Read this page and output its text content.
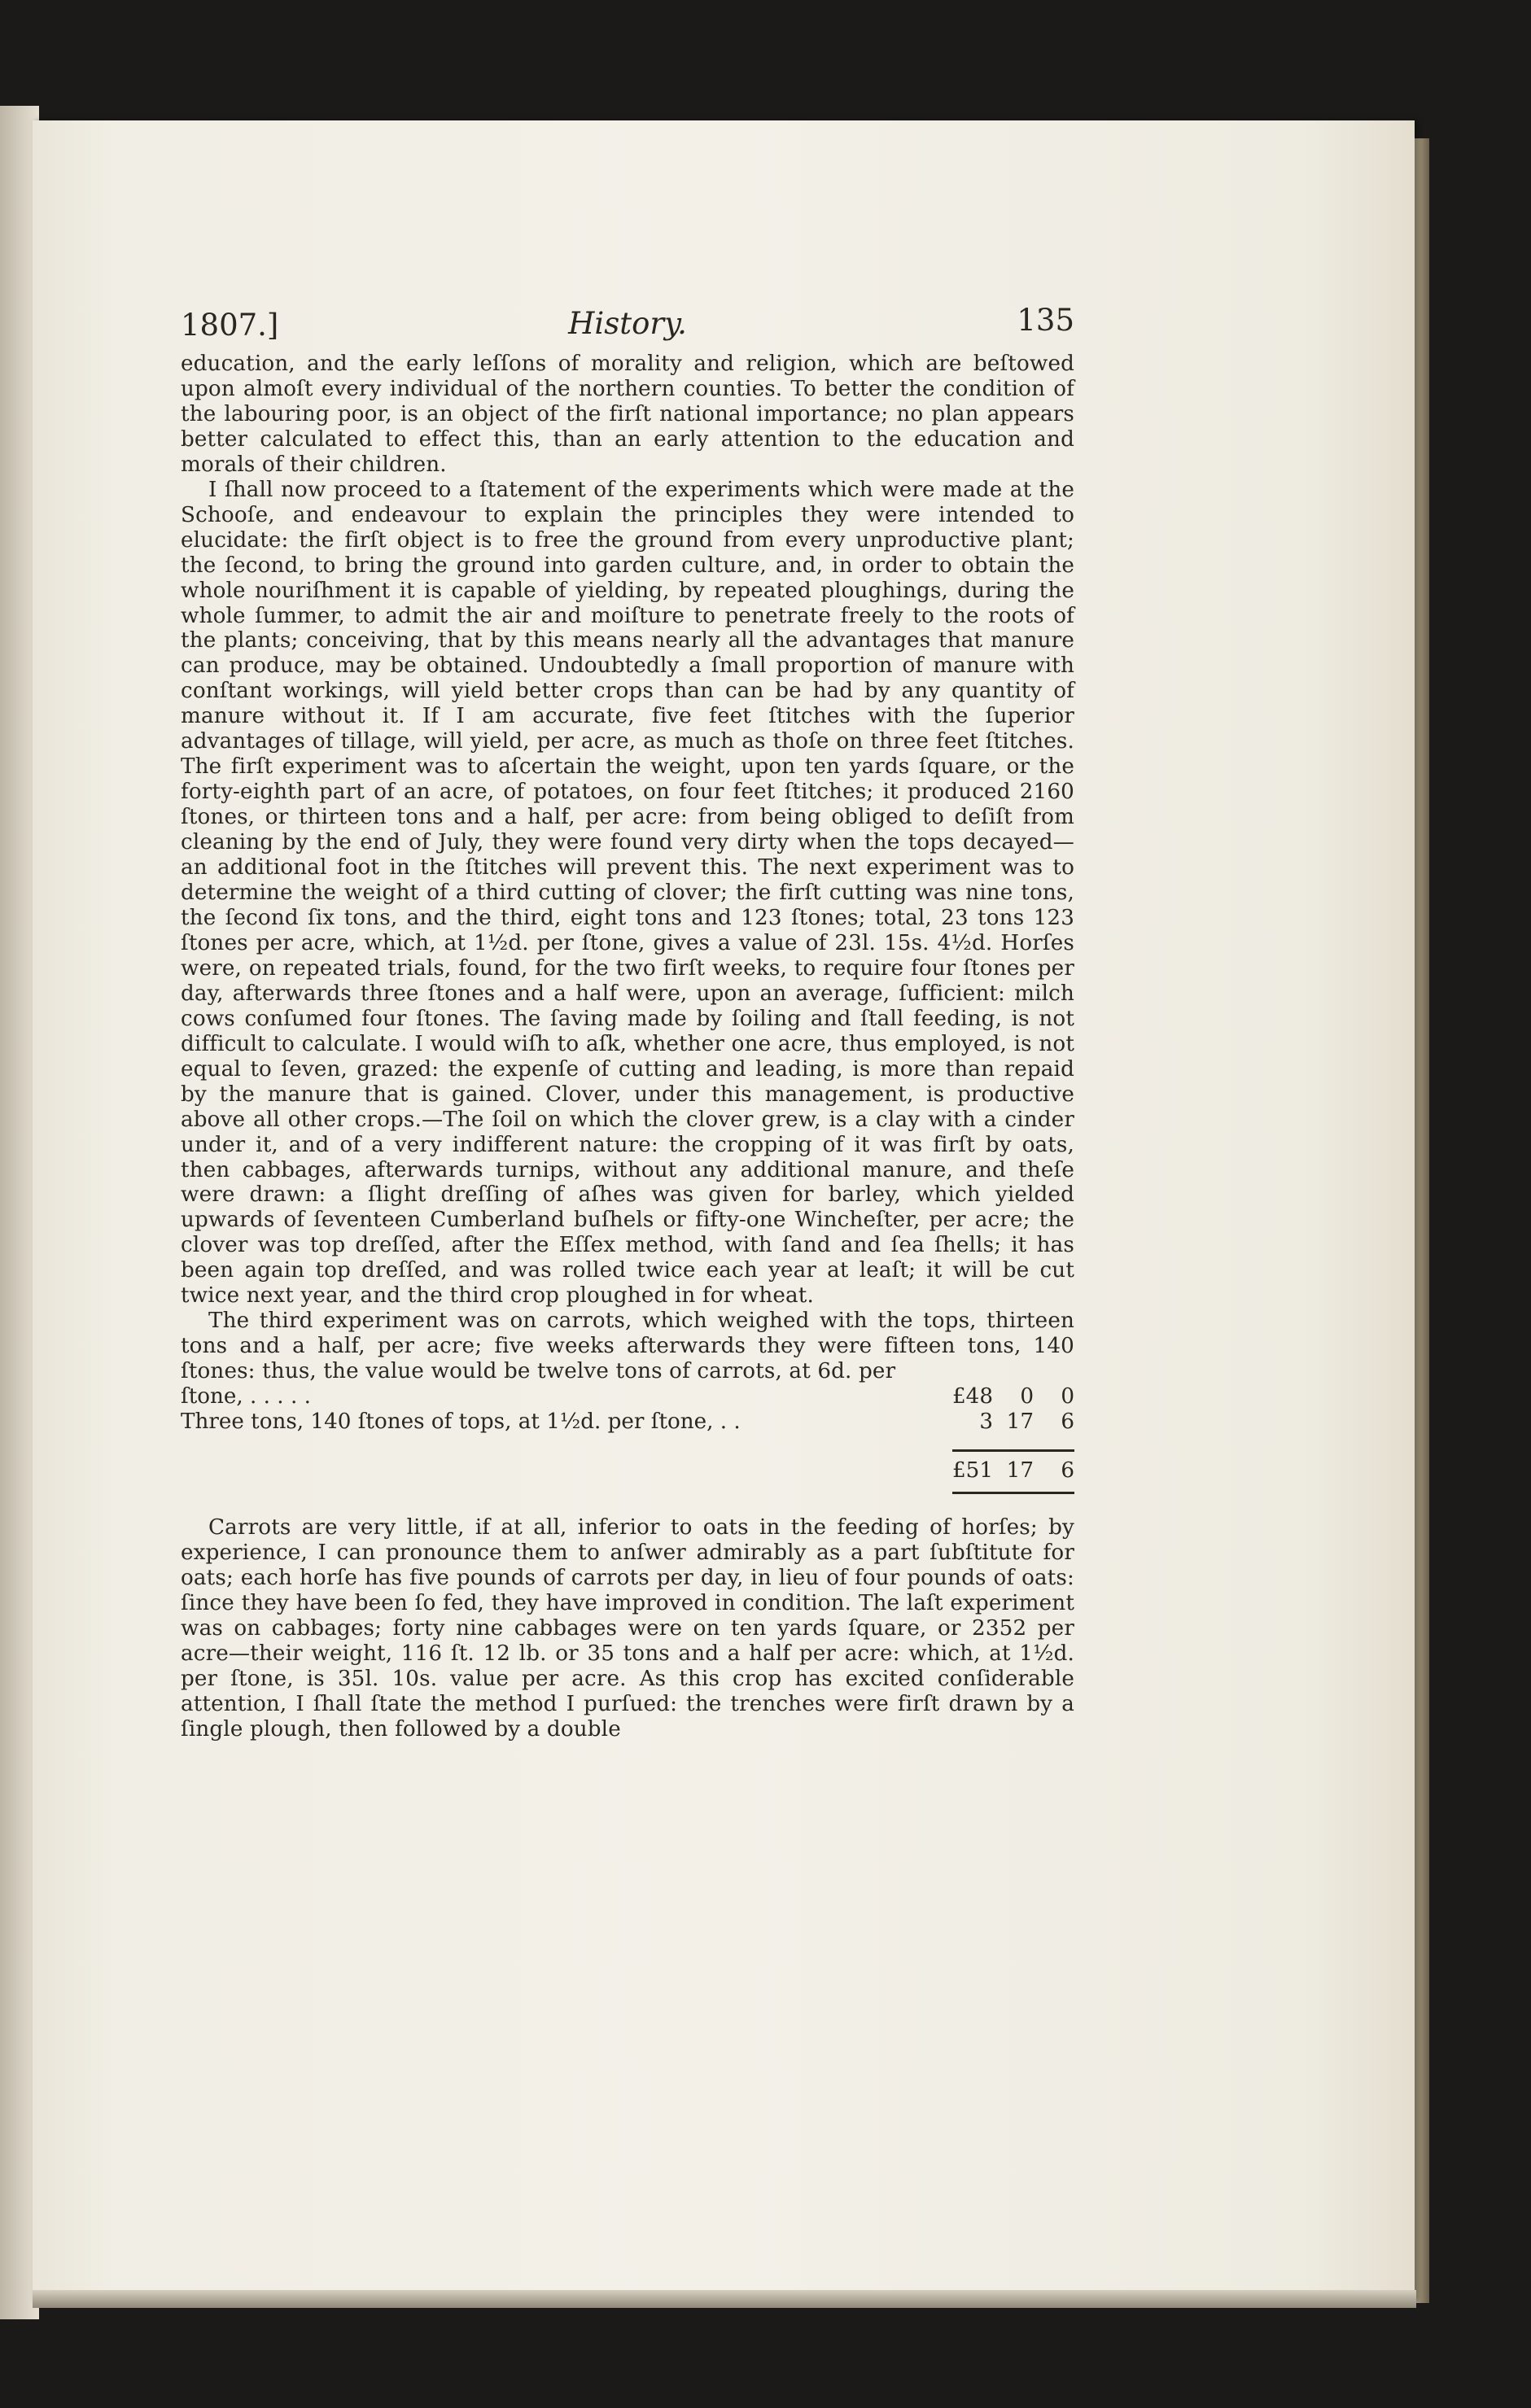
1807.]	History.	135

education, and the early leſſons of morality and religion, which are beſtowed upon almoſt every individual of the northern counties. To better the condition of the labouring poor, is an object of the firſt national importance; no plan appears better calculated to effect this, than an early attention to the education and morals of their children.

I ſhall now proceed to a ſtatement of the experiments which were made at the Schooſe, and endeavour to explain the principles they were intended to elucidate: the firſt object is to free the ground from every unproductive plant; the ſecond, to bring the ground into garden culture, and, in order to obtain the whole nouriſhment it is capable of yielding, by repeated ploughings, during the whole ſummer, to admit the air and moiſture to penetrate freely to the roots of the plants; conceiving, that by this means nearly all the advantages that manure can produce, may be obtained. Undoubtedly a ſmall proportion of manure with conſtant workings, will yield better crops than can be had by any quantity of manure without it. If I am accurate, five feet ſtitches with the ſuperior advantages of tillage, will yield, per acre, as much as thoſe on three feet ſtitches. The firſt experiment was to aſcertain the weight, upon ten yards ſquare, or the forty-eighth part of an acre, of potatoes, on four feet ſtitches; it produced 2160 ſtones, or thirteen tons and a half, per acre: from being obliged to deſiſt from cleaning by the end of July, they were found very dirty when the tops decayed—an additional foot in the ſtitches will prevent this. The next experiment was to determine the weight of a third cutting of clover; the firſt cutting was nine tons, the ſecond ſix tons, and the third, eight tons and 123 ſtones; total, 23 tons 123 ſtones per acre, which, at 1½d. per ſtone, gives a value of 23l. 15s. 4½d. Horſes were, on repeated trials, found, for the two firſt weeks, to require four ſtones per day, afterwards three ſtones and a half were, upon an average, ſufficient: milch cows conſumed four ſtones. The ſaving made by ſoiling and ſtall feeding, is not difficult to calculate. I would wiſh to aſk, whether one acre, thus employed, is not equal to ſeven, grazed: the expenſe of cutting and leading, is more than repaid by the manure that is gained. Clover, under this management, is productive above all other crops.—The ſoil on which the clover grew, is a clay with a cinder under it, and of a very indifferent nature: the cropping of it was firſt by oats, then cabbages, afterwards turnips, without any additional manure, and theſe were drawn: a ſlight dreſſing of aſhes was given for barley, which yielded upwards of ſeventeen Cumberland buſhels or fifty-one Wincheſter, per acre; the clover was top dreſſed, after the Eſſex method, with ſand and ſea ſhells; it has been again top dreſſed, and was rolled twice each year at leaſt; it will be cut twice next year, and the third crop ploughed in for wheat.

The third experiment was on carrots, which weighed with the tops, thirteen tons and a half, per acre; five weeks afterwards they were fifteen tons, 140 ſtones: thus, the value would be twelve tons of carrots, at 6d. per

ſtone, . . . . .	£48	0	0
Three tons, 140 ſtones of tops, at 1½d. per ſtone, . .	3 17	6
£51 17	6

Carrots are very little, if at all, inferior to oats in the feeding of horſes; by experience, I can pronounce them to anſwer admirably as a part ſubſtitute for oats; each horſe has five pounds of carrots per day, in lieu of four pounds of oats: ſince they have been ſo fed, they have improved in condition. The laſt experiment was on cabbages; forty nine cabbages were on ten yards ſquare, or 2352 per acre—their weight, 116 ſt. 12 lb. or 35 tons and a half per acre: which, at 1½d. per ſtone, is 35l. 10s. value per acre. As this crop has excited conſiderable attention, I ſhall ſtate the method I purſued: the trenches were firſt drawn by a ſingle plough, then followed by a double
